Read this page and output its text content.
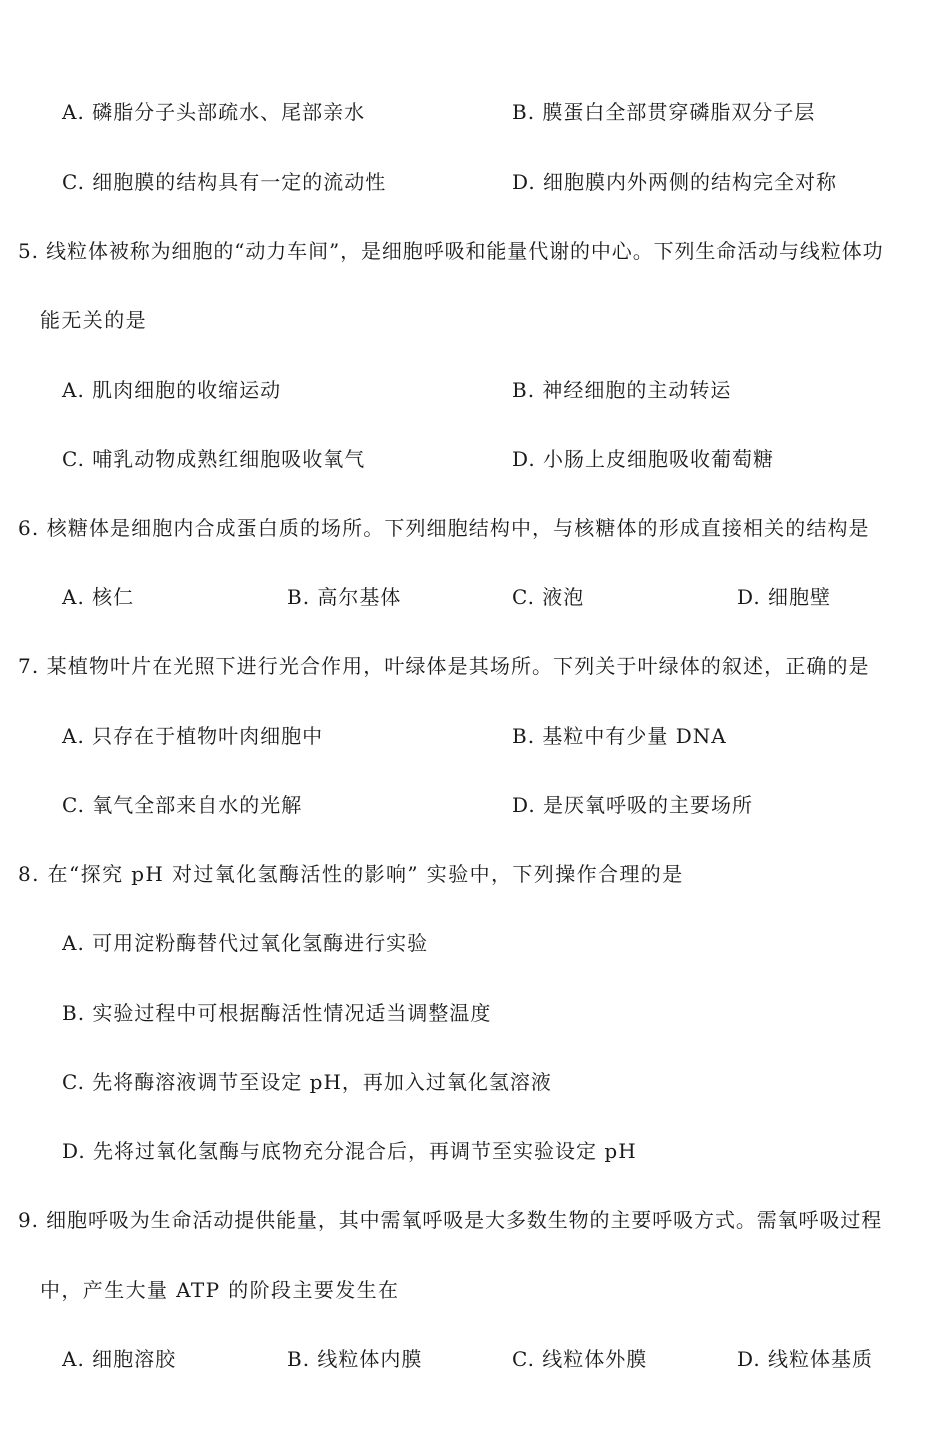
A. 磷脂分子头部疏水、尾部亲水	B. 膜蛋白全部贯穿磷脂双分子层
C. 细胞膜的结构具有一定的流动性	D. 细胞膜内外两侧的结构完全对称
5. 线粒体被称为细胞的“动力车间”，是细胞呼吸和能量代谢的中心。下列生命活动与线粒体功
能无关的是
A. 肌肉细胞的收缩运动	B. 神经细胞的主动转运
C. 哺乳动物成熟红细胞吸收氧气	D. 小肠上皮细胞吸收葡萄糖
6. 核糖体是细胞内合成蛋白质的场所。下列细胞结构中，与核糖体的形成直接相关的结构是
A. 核仁	B. 高尔基体	C. 液泡	D. 细胞壁
7. 某植物叶片在光照下进行光合作用，叶绿体是其场所。下列关于叶绿体的叙述，正确的是
A. 只存在于植物叶肉细胞中	B. 基粒中有少量 DNA
C. 氧气全部来自水的光解	D. 是厌氧呼吸的主要场所
8. 在“探究 pH 对过氧化氢酶活性的影响” 实验中，下列操作合理的是
A. 可用淀粉酶替代过氧化氢酶进行实验
B. 实验过程中可根据酶活性情况适当调整温度
C. 先将酶溶液调节至设定 pH，再加入过氧化氢溶液
D. 先将过氧化氢酶与底物充分混合后，再调节至实验设定 pH
9. 细胞呼吸为生命活动提供能量，其中需氧呼吸是大多数生物的主要呼吸方式。需氧呼吸过程
中，产生大量 ATP 的阶段主要发生在
A. 细胞溶胶	B. 线粒体内膜	C. 线粒体外膜	D. 线粒体基质
